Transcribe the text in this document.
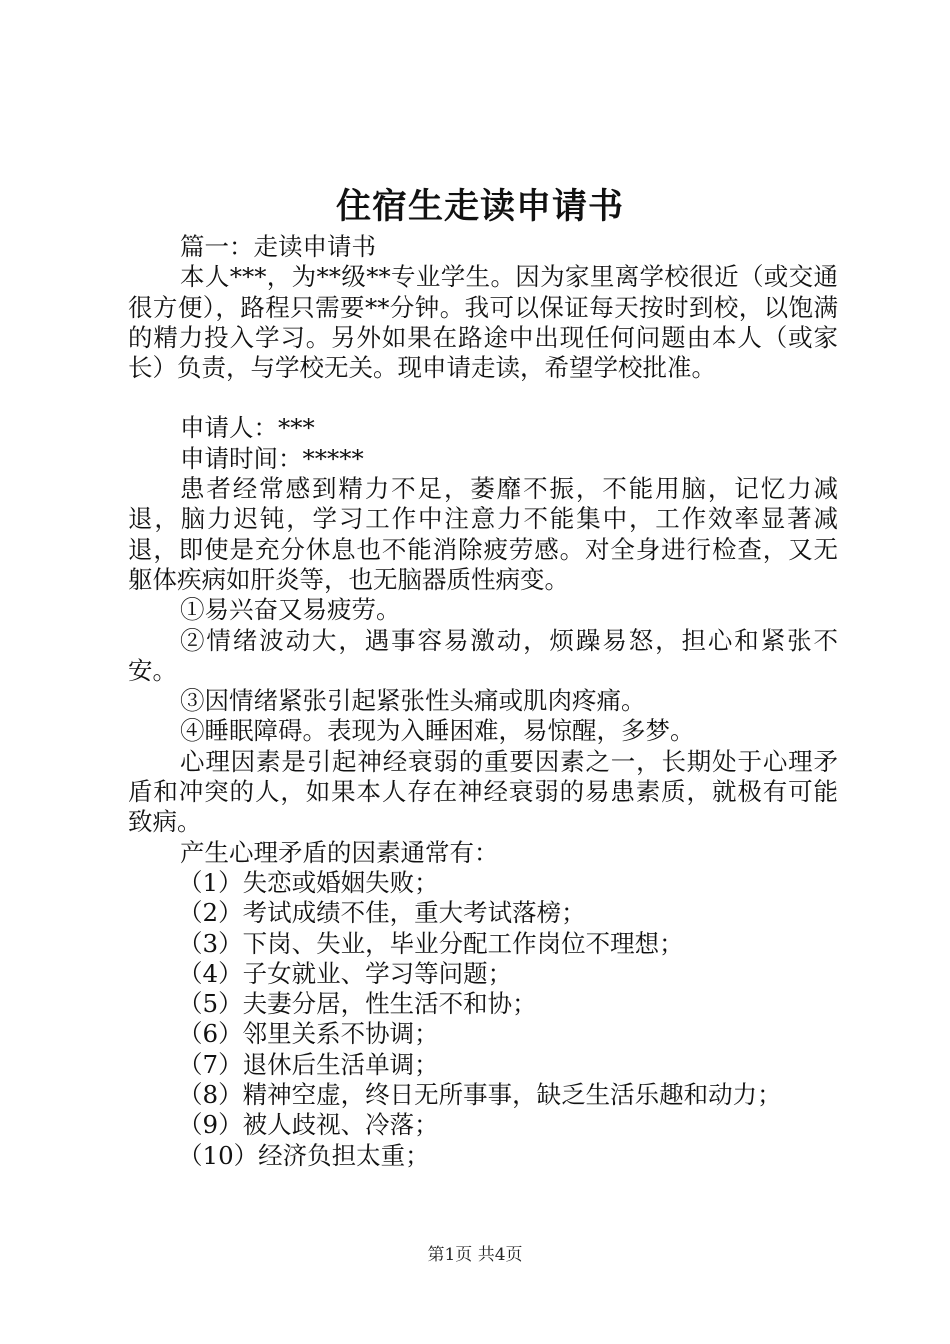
住宿生走读申请书

篇一：走读申请书

本人***，为**级**专业学生。因为家里离学校很近（或交通很方便），路程只需要**分钟。我可以保证每天按时到校，以饱满的精力投入学习。另外如果在路途中出现任何问题由本人（或家长）负责，与学校无关。现申请走读，希望学校批准。

申请人：***

申请时间：*****

患者经常感到精力不足，萎靡不振，不能用脑，记忆力减退，脑力迟钝，学习工作中注意力不能集中，工作效率显著减退，即使是充分休息也不能消除疲劳感。对全身进行检查，又无躯体疾病如肝炎等，也无脑器质性病变。

①易兴奋又易疲劳。

②情绪波动大，遇事容易激动，烦躁易怒，担心和紧张不安。

③因情绪紧张引起紧张性头痛或肌肉疼痛。

④睡眠障碍。表现为入睡困难，易惊醒，多梦。

心理因素是引起神经衰弱的重要因素之一，长期处于心理矛盾和冲突的人，如果本人存在神经衰弱的易患素质，就极有可能致病。

产生心理矛盾的因素通常有：

（1）失恋或婚姻失败；

（2）考试成绩不佳，重大考试落榜；

（3）下岗、失业，毕业分配工作岗位不理想；

（4）子女就业、学习等问题；

（5）夫妻分居，性生活不和协；

（6）邻里关系不协调；

（7）退休后生活单调；

（8）精神空虚，终日无所事事，缺乏生活乐趣和动力；

（9）被人歧视、冷落；

（10）经济负担太重；

第1页 共4页
